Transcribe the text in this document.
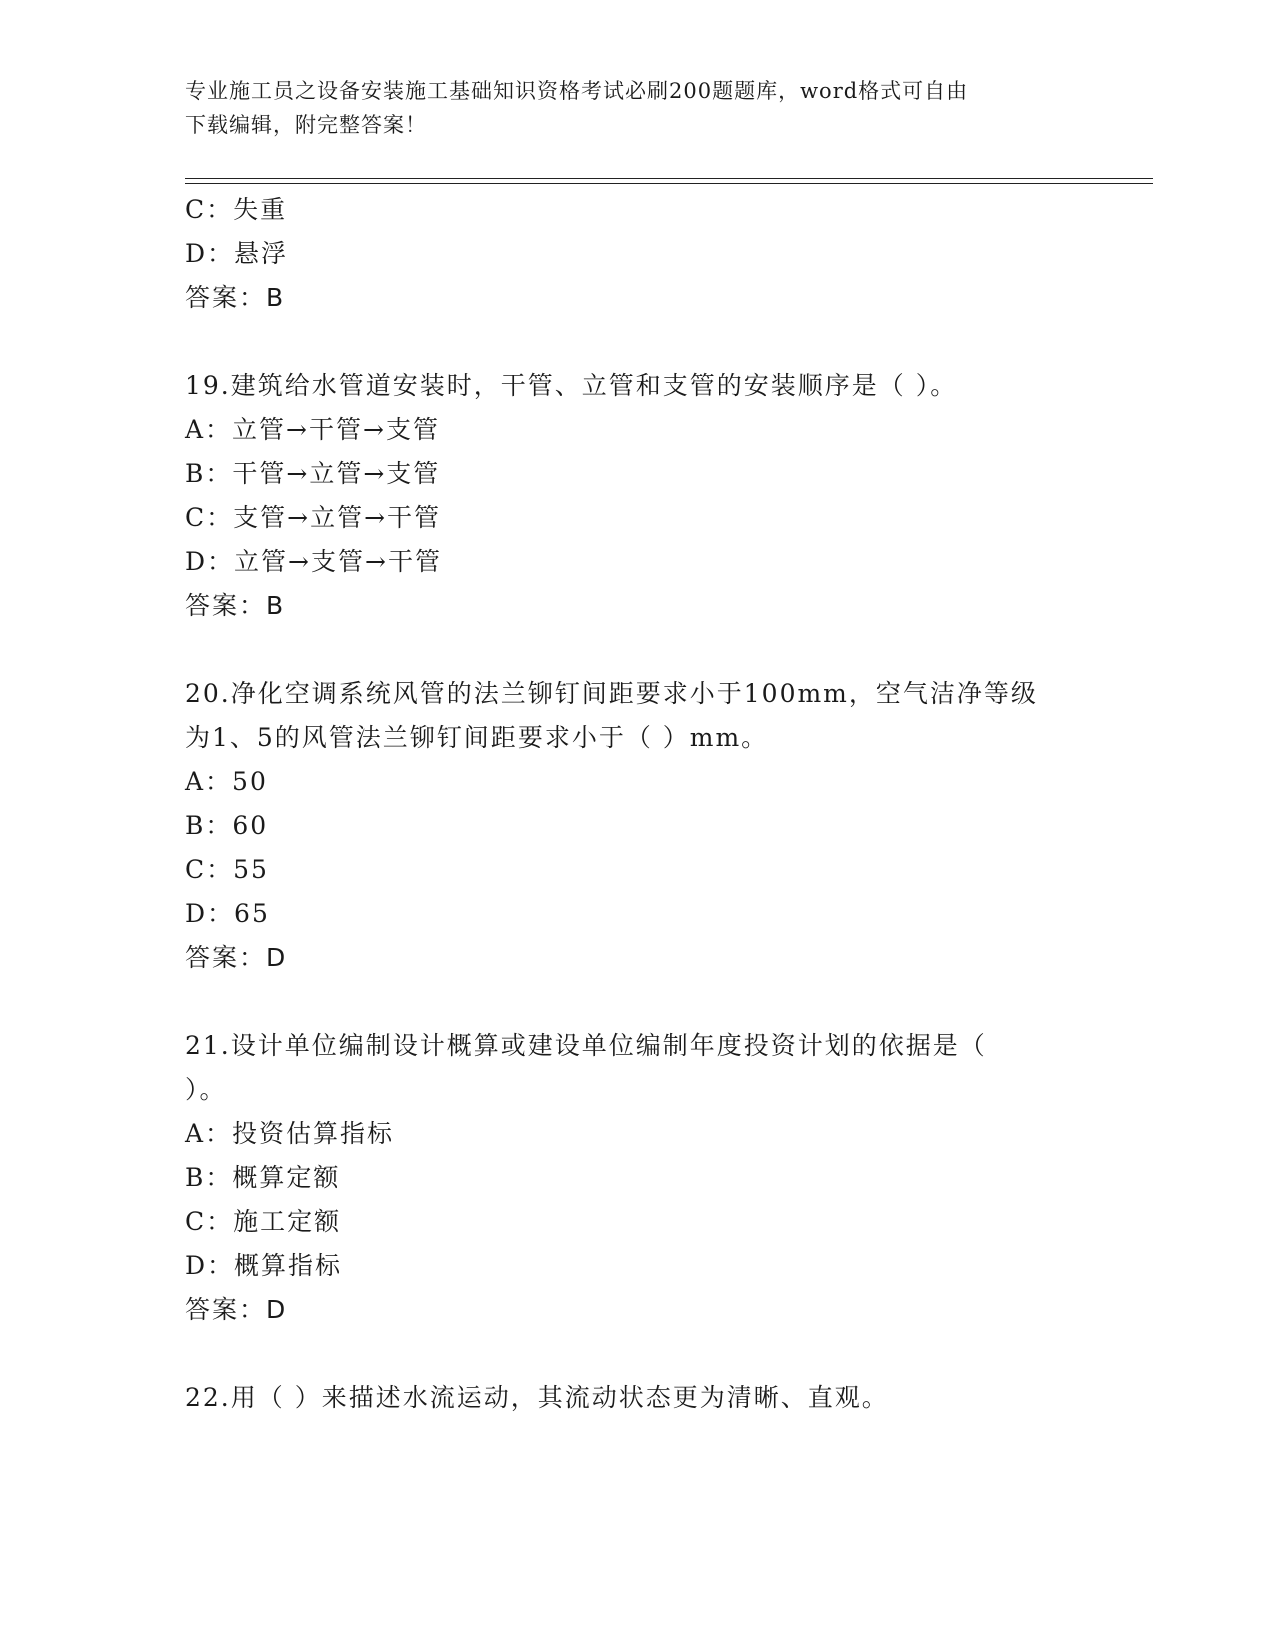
专业施工员之设备安装施工基础知识资格考试必刷200题题库，word格式可自由
下载编辑，附完整答案！
C：失重
D：悬浮
答案：B
19.建筑给水管道安装时，干管、立管和支管的安装顺序是（ ）。
A：立管→干管→支管
B：干管→立管→支管
C：支管→立管→干管
D：立管→支管→干管
答案：B
20.净化空调系统风管的法兰铆钉间距要求小于100mm，空气洁净等级
为1、5的风管法兰铆钉间距要求小于（ ）mm。
A：50
B：60
C：55
D：65
答案：D
21.设计单位编制设计概算或建设单位编制年度投资计划的依据是（
）。
A：投资估算指标
B：概算定额
C：施工定额
D：概算指标
答案：D
22.用（ ）来描述水流运动，其流动状态更为清晰、直观。
